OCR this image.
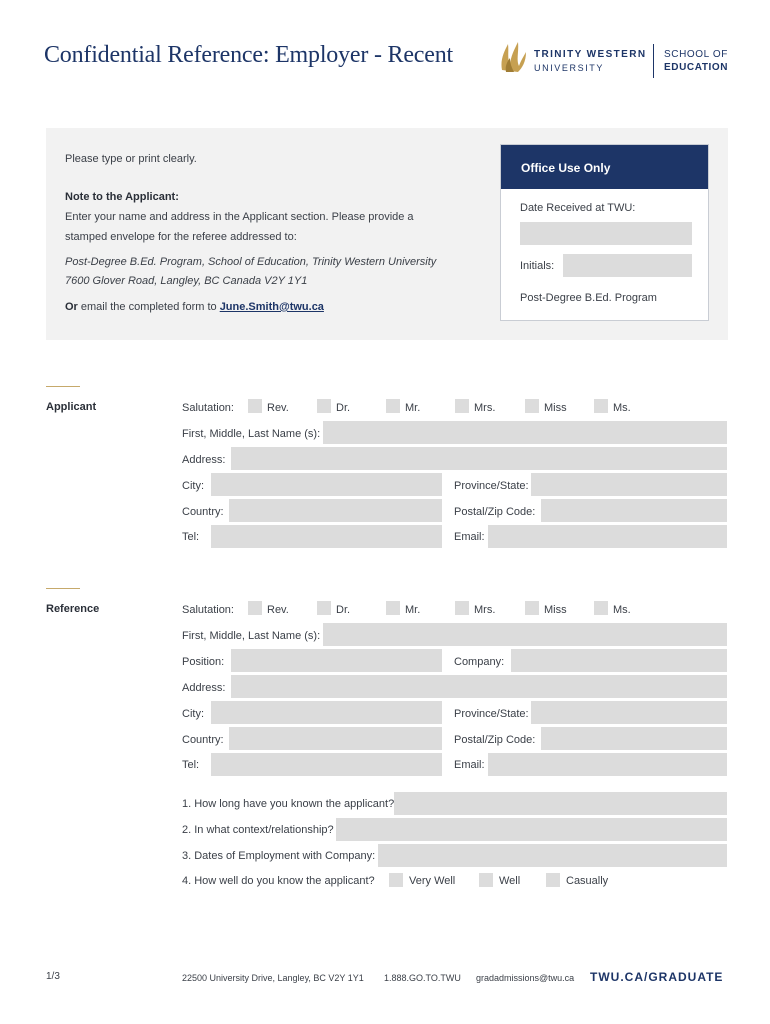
Confidential Reference: Employer - Recent	TRINITY WESTERN
UNIVERSITY
SCHOOL OF
EDUCATION
Please type or print clearly.
Note to the Applicant:
Enter your name and address in the Applicant section. Please provide a
stamped envelope for the referee addressed to:
Post-Degree B.Ed. Program, School of Education, Trinity Western University
7600 Glover Road, Langley, BC Canada V2Y 1Y1
Or email the completed form to June.Smith@twu.ca
Office Use Only
Date Received at TWU:
Initials:
Post-Degree B.Ed. Program
Applicant	Salutation:	Rev.	Dr.	Mr.	Mrs.	Miss	Ms.
First, Middle, Last Name (s):
Address:
City:	Province/State:
Country:	Postal/Zip Code:
Tel:	Email:
Reference	Salutation:	Rev.	Dr.	Mr.	Mrs.	Miss	Ms.
First, Middle, Last Name (s):
Position:	Company:
Address:
City:	Province/State:
Country:	Postal/Zip Code:
Tel:	Email:
1. How long have you known the applicant?
2. In what context/relationship?
3. Dates of Employment with Company:
4. How well do you know the applicant?	Very Well	Well	Casually
1/3	22500 University Drive, Langley, BC V2Y 1Y1 1.888.GO.TO.TWU gradadmissions@twu.ca TWU.CA/GRADUATE
